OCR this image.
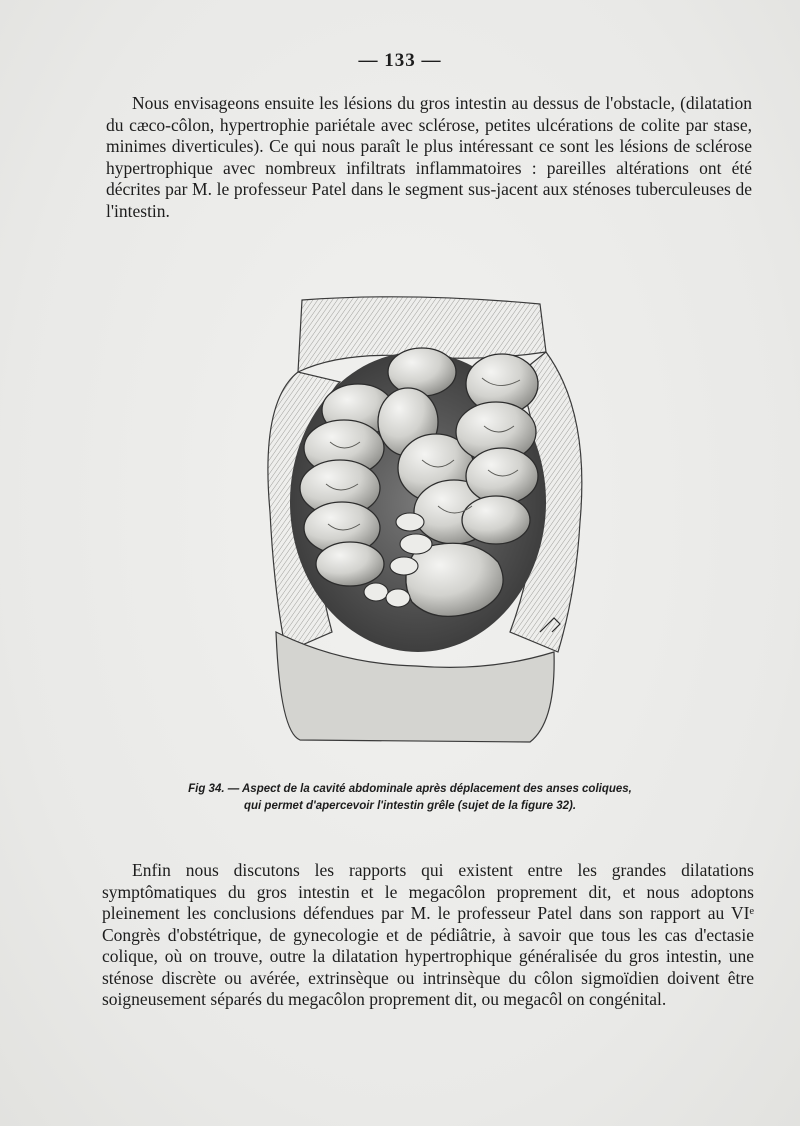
— 133 —

Nous envisageons ensuite les lésions du gros intestin au dessus de l'obstacle, (dilatation du cæco-côlon, hypertrophie pariétale avec sclérose, petites ulcérations de colite par stase, minimes diverticules). Ce qui nous paraît le plus intéressant ce sont les lésions de sclérose hypertrophique avec nombreux infiltrats inflammatoires : pareilles altérations ont été décrites par M. le professeur Patel dans le segment sus-jacent aux sténoses tuberculeuses de l'intestin.

Fig 34. — Aspect de la cavité abdominale après déplacement des anses coliques,
qui permet d'apercevoir l'intestin grêle (sujet de la figure 32).

Enfin nous discutons les rapports qui existent entre les grandes dilatations symptômatiques du gros intestin et le megacôlon proprement dit, et nous adoptons pleinement les conclusions défendues par M. le professeur Patel dans son rapport au VIᵉ Congrès d'obstétrique, de gynecologie et de pédiâtrie, à savoir que tous les cas d'ectasie colique, où on trouve, outre la dilatation hypertrophique généralisée du gros intestin, une sténose discrète ou avérée, extrinsèque ou intrinsèque du côlon sigmoïdien doivent être soigneusement séparés du megacôlon proprement dit, ou megacôl on congénital.
